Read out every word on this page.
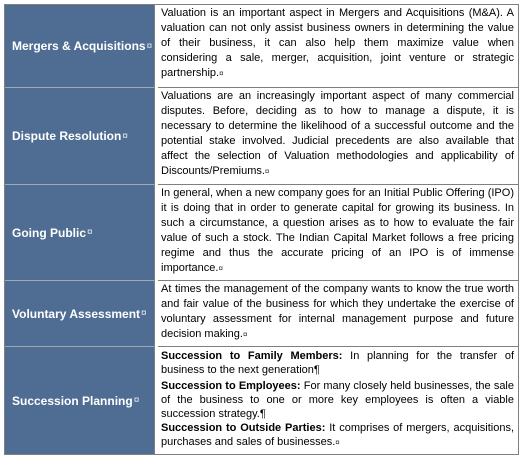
Mergers & Acquisitions ¤
Valuation is an important aspect in Mergers and Acquisitions (M&A). A valuation can not only assist business owners in determining the value of their business, it can also help them maximize value when considering a sale, merger, acquisition, joint venture or strategic partnership.¤
Dispute Resolution ¤
Valuations are an increasingly important aspect of many commercial disputes. Before, deciding as to how to manage a dispute, it is necessary to determine the likelihood of a successful outcome and the potential stake involved. Judicial precedents are also available that affect the selection of Valuation methodologies and applicability of Discounts/Premiums.¤
Going Public ¤
In general, when a new company goes for an Initial Public Offering (IPO) it is doing that in order to generate capital for growing its business. In such a circumstance, a question arises as to how to evaluate the fair value of such a stock. The Indian Capital Market follows a free pricing regime and thus the accurate pricing of an IPO is of immense importance.¤
Voluntary Assessment ¤
At times the management of the company wants to know the true worth and fair value of the business for which they undertake the exercise of voluntary assessment for internal management purpose and future decision making.¤
Succession Planning ¤

Succession to Family Members: In planning for the transfer of business to the next generation¶

Succession to Employees: For many closely held businesses, the sale of the business to one or more key employees is often a viable succession strategy.¶

Succession to Outside Parties: It comprises of mergers, acquisitions, purchases and sales of businesses.¤
